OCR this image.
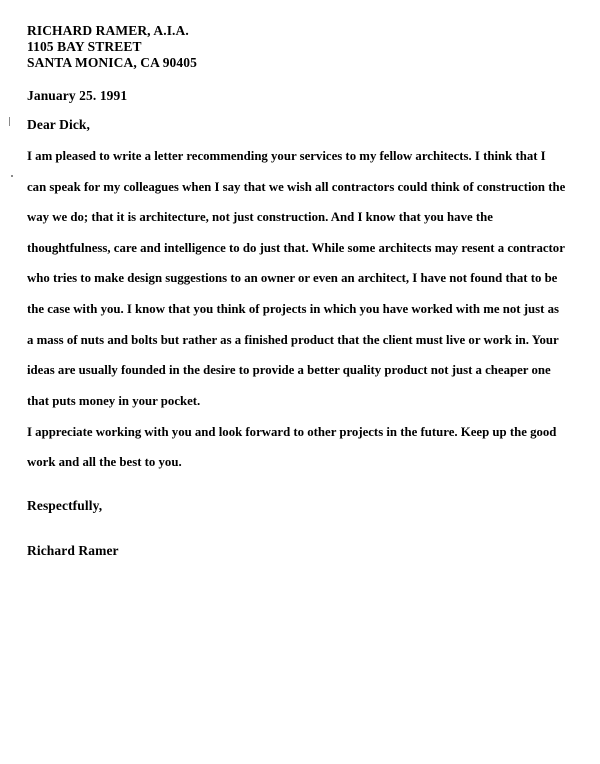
RICHARD RAMER, A.I.A.
1105 BAY STREET
SANTA MONICA, CA 90405
January 25. 1991
Dear Dick,
I am pleased to write a letter recommending your services to my fellow architects. I think that I
can speak for my colleagues when I say that we wish all contractors could think of construction the
way we do; that it is architecture, not just construction. And I know that you have the
thoughtfulness, care and intelligence to do just that. While some architects may resent a contractor
who tries to make design suggestions to an owner or even an architect, I have not found that to be
the case with you. I know that you think of projects in which you have worked with me not just as
a mass of nuts and bolts but rather as a finished product that the client must live or work in. Your
ideas are usually founded in the desire to provide a better quality product not just a cheaper one
that puts money in your pocket.
I appreciate working with you and look forward to other projects in the future. Keep up the good
work and all the best to you.
Respectfully,
Richard Ramer
